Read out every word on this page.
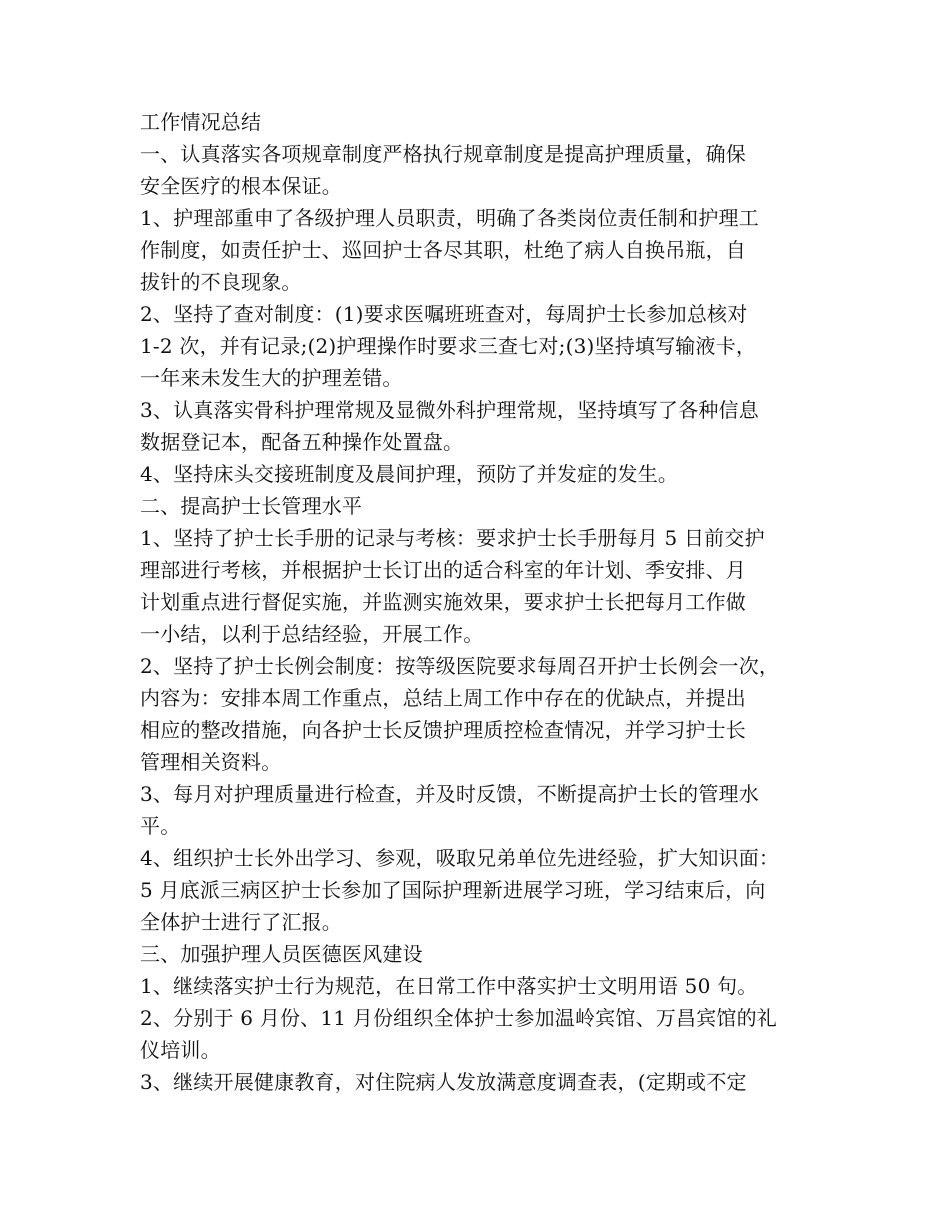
工作情况总结
一、认真落实各项规章制度严格执行规章制度是提高护理质量，确保
安全医疗的根本保证。
1、护理部重申了各级护理人员职责，明确了各类岗位责任制和护理工
作制度，如责任护士、巡回护士各尽其职，杜绝了病人自换吊瓶，自
拔针的不良现象。
2、坚持了查对制度：(1)要求医嘱班班查对，每周护士长参加总核对
1-2 次，并有记录;(2)护理操作时要求三查七对;(3)坚持填写输液卡，
一年来未发生大的护理差错。
3、认真落实骨科护理常规及显微外科护理常规，坚持填写了各种信息
数据登记本，配备五种操作处置盘。
4、坚持床头交接班制度及晨间护理，预防了并发症的发生。
二、提高护士长管理水平
1、坚持了护士长手册的记录与考核：要求护士长手册每月 5 日前交护
理部进行考核，并根据护士长订出的适合科室的年计划、季安排、月
计划重点进行督促实施，并监测实施效果，要求护士长把每月工作做
一小结，以利于总结经验，开展工作。
2、坚持了护士长例会制度：按等级医院要求每周召开护士长例会一次，
内容为：安排本周工作重点，总结上周工作中存在的优缺点，并提出
相应的整改措施，向各护士长反馈护理质控检查情况，并学习护士长
管理相关资料。
3、每月对护理质量进行检查，并及时反馈，不断提高护士长的管理水
平。
4、组织护士长外出学习、参观，吸取兄弟单位先进经验，扩大知识面：
5 月底派三病区护士长参加了国际护理新进展学习班，学习结束后，向
全体护士进行了汇报。
三、加强护理人员医德医风建设
1、继续落实护士行为规范，在日常工作中落实护士文明用语 50 句。
2、分别于 6 月份、11 月份组织全体护士参加温岭宾馆、万昌宾馆的礼
仪培训。
3、继续开展健康教育，对住院病人发放满意度调查表，(定期或不定
